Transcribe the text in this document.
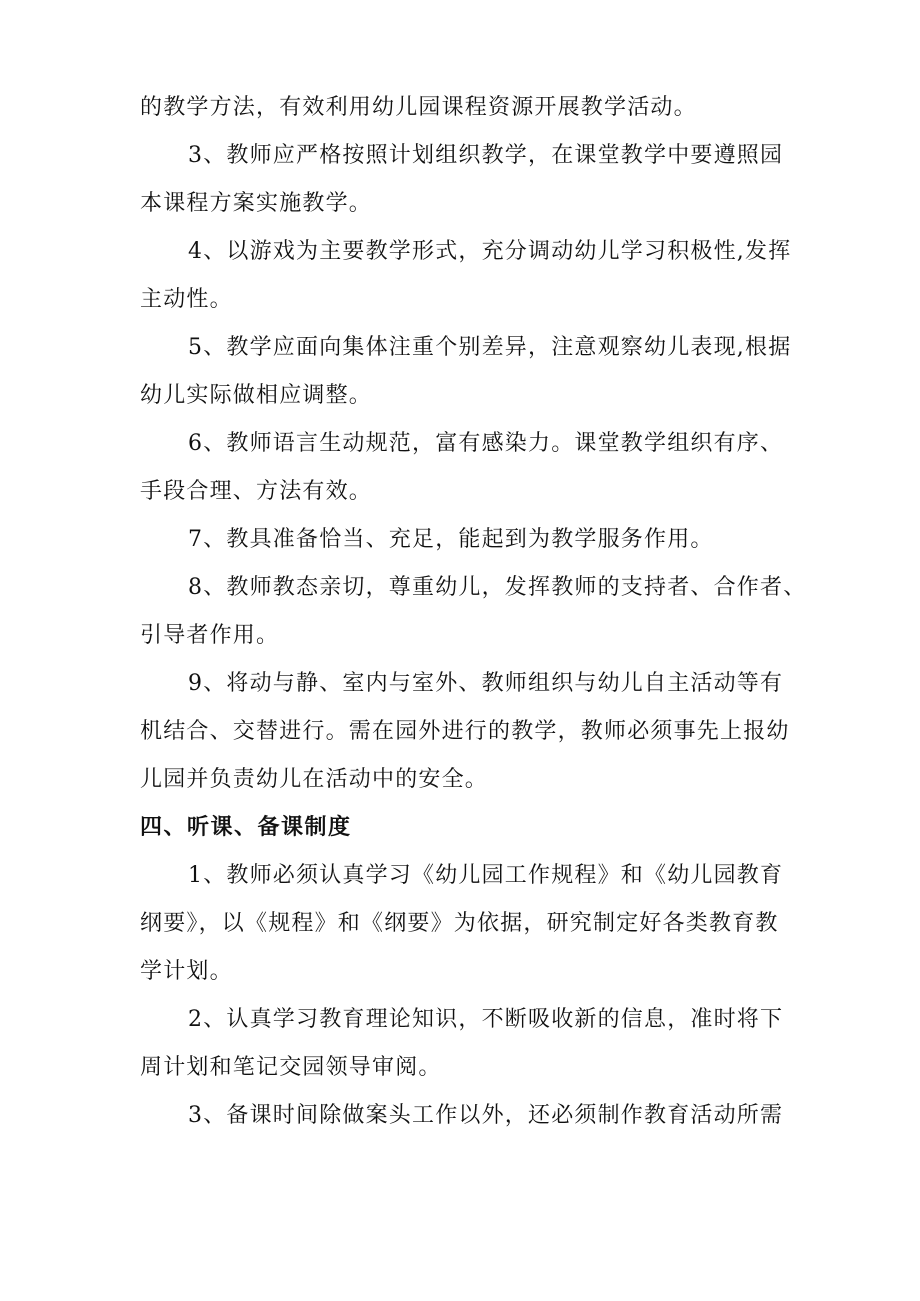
的教学方法，有效利用幼儿园课程资源开展教学活动。
3、教师应严格按照计划组织教学，在课堂教学中要遵照园
本课程方案实施教学。
4、以游戏为主要教学形式，充分调动幼儿学习积极性,发挥
主动性。
5、教学应面向集体注重个别差异，注意观察幼儿表现,根据
幼儿实际做相应调整。
6、教师语言生动规范，富有感染力。课堂教学组织有序、
手段合理、方法有效。
7、教具准备恰当、充足，能起到为教学服务作用。
8、教师教态亲切，尊重幼儿，发挥教师的支持者、合作者、
引导者作用。
9、将动与静、室内与室外、教师组织与幼儿自主活动等有
机结合、交替进行。需在园外进行的教学，教师必须事先上报幼
儿园并负责幼儿在活动中的安全。
四、听课、备课制度
1、教师必须认真学习《幼儿园工作规程》和《幼儿园教育
纲要》，以《规程》和《纲要》为依据，研究制定好各类教育教
学计划。
2、认真学习教育理论知识，不断吸收新的信息，准时将下
周计划和笔记交园领导审阅。
3、备课时间除做案头工作以外，还必须制作教育活动所需
